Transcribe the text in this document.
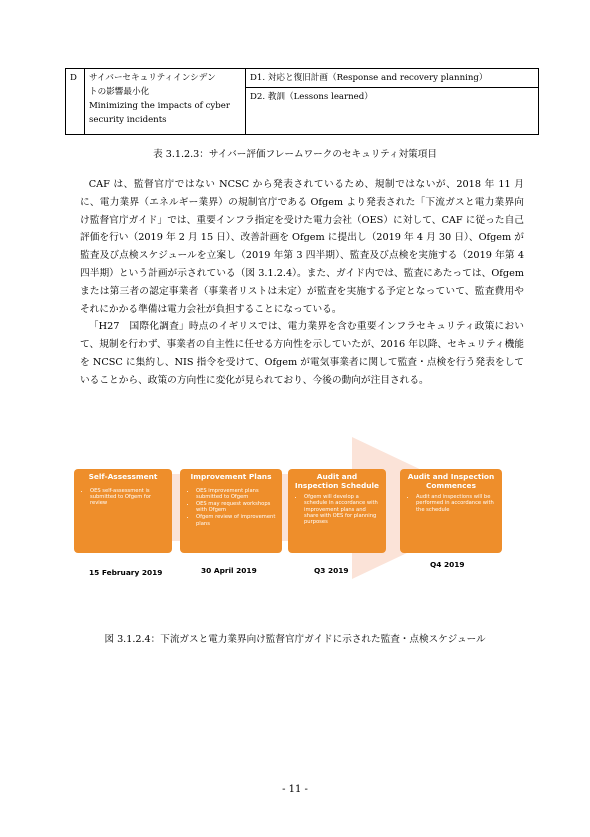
D	サイバーセキュリティインシデン
トの影響最小化
Minimizing the impacts of cyber
security incidents
	D1. 対応と復旧計画（Response and recovery planning）
D2. 教訓（Lessons learned）
表 3.1.2.3：サイバー評価フレームワークのセキュリティ対策項目

CAF は、監督官庁ではない NCSC から発表されているため、規制ではないが、2018 年 11 月に、電力業界（エネルギー業界）の規制官庁である Ofgem より発表された「下流ガスと電力業界向け監督官庁ガイド」では、重要インフラ指定を受けた電力会社（OES）に対して、CAF に従った自己評価を行い（2019 年 2 月 15 日）、改善計画を Ofgem に提出し（2019 年 4 月 30 日）、Ofgem が監査及び点検スケジュールを立案し（2019 年第 3 四半期）、監査及び点検を実施する（2019 年第 4 四半期）という計画が示されている（図 3.1.2.4）。また、ガイド内では、監査にあたっては、Ofgem または第三者の認定事業者（事業者リストは未定）が監査を実施する予定となっていて、監査費用やそれにかかる準備は電力会社が負担することになっている。

「H27　国際化調査」時点のイギリスでは、電力業界を含む重要インフラセキュリティ政策において、規制を行わず、事業者の自主性に任せる方向性を示していたが、2016 年以降、セキュリティ機能を NCSC に集約し、NIS 指令を受けて、Ofgem が電気事業者に関して監査・点検を行う発表をしていることから、政策の方向性に変化が見られており、今後の動向が注目される。

Self-Assessment
• OES self-assessment is submitted to Ofgem for review
Improvement Plans
• OES improvement plans submitted to Ofgem
• OES may request workshops with Ofgem
• Ofgem review of improvement plans
Audit and Inspection Schedule
• Ofgem will develop a schedule in accordance with improvement plans and share with OES for planning purposes
Audit and Inspection Commences
• Audit and inspections will be performed in accordance with the schedule
15 February 2019	30 April 2019	Q3 2019
Q4 2019
図 3.1.2.4：下流ガスと電力業界向け監督官庁ガイドに示された監査・点検スケジュール
- 11 -
